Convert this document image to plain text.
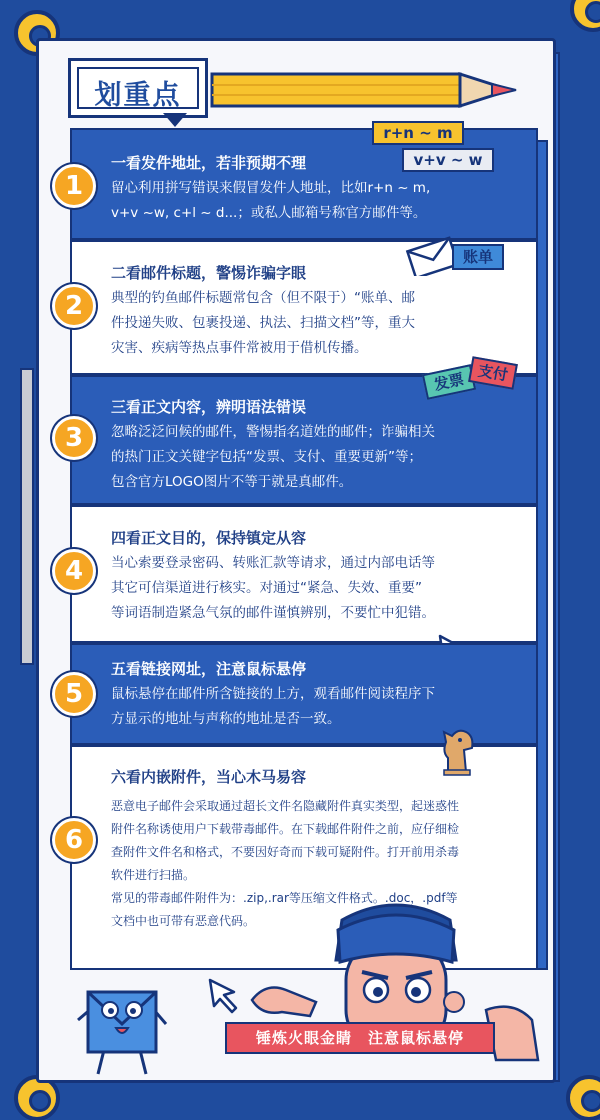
划重点
1
一看发件地址，若非预期不理
留心利用拼写错误来假冒发件人地址，比如r+n ~ m,
v+v ~w, c+l ~ d...；或私人邮箱号称官方邮件等。
r+n ~ m
v+v ~ w
2
二看邮件标题，警惕诈骗字眼
典型的钓鱼邮件标题常包含（但不限于）“账单、邮
件投递失败、包裹投递、执法、扫描文档”等，重大
灾害、疾病等热点事件常被用于借机传播。
账单
3
三看正文内容，辨明语法错误
忽略泛泛问候的邮件，警惕指名道姓的邮件；诈骗相关
的热门正文关键字包括“发票、支付、重要更新”等；
包含官方LOGO图片不等于就是真邮件。
发票 支付
4
四看正文目的，保持镇定从容
当心索要登录密码、转账汇款等请求，通过内部电话等
其它可信渠道进行核实。对通过“紧急、失效、重要”
等词语制造紧急气氛的邮件谨慎辨别，不要忙中犯错。
5
五看链接网址，注意鼠标悬停
鼠标悬停在邮件所含链接的上方，观看邮件阅读程序下
方显示的地址与声称的地址是否一致。
6
六看内嵌附件，当心木马易容
恶意电子邮件会采取通过超长文件名隐藏附件真实类型，起迷惑性
附件名称诱使用户下载带毒邮件。在下载邮件附件之前，应仔细检
查附件文件名和格式，不要因好奇而下载可疑附件。打开前用杀毒
软件进行扫描。
常见的带毒邮件附件为：.zip,.rar等压缩文件格式。.doc，.pdf等
文档中也可带有恶意代码。
锤炼火眼金睛　注意鼠标悬停
